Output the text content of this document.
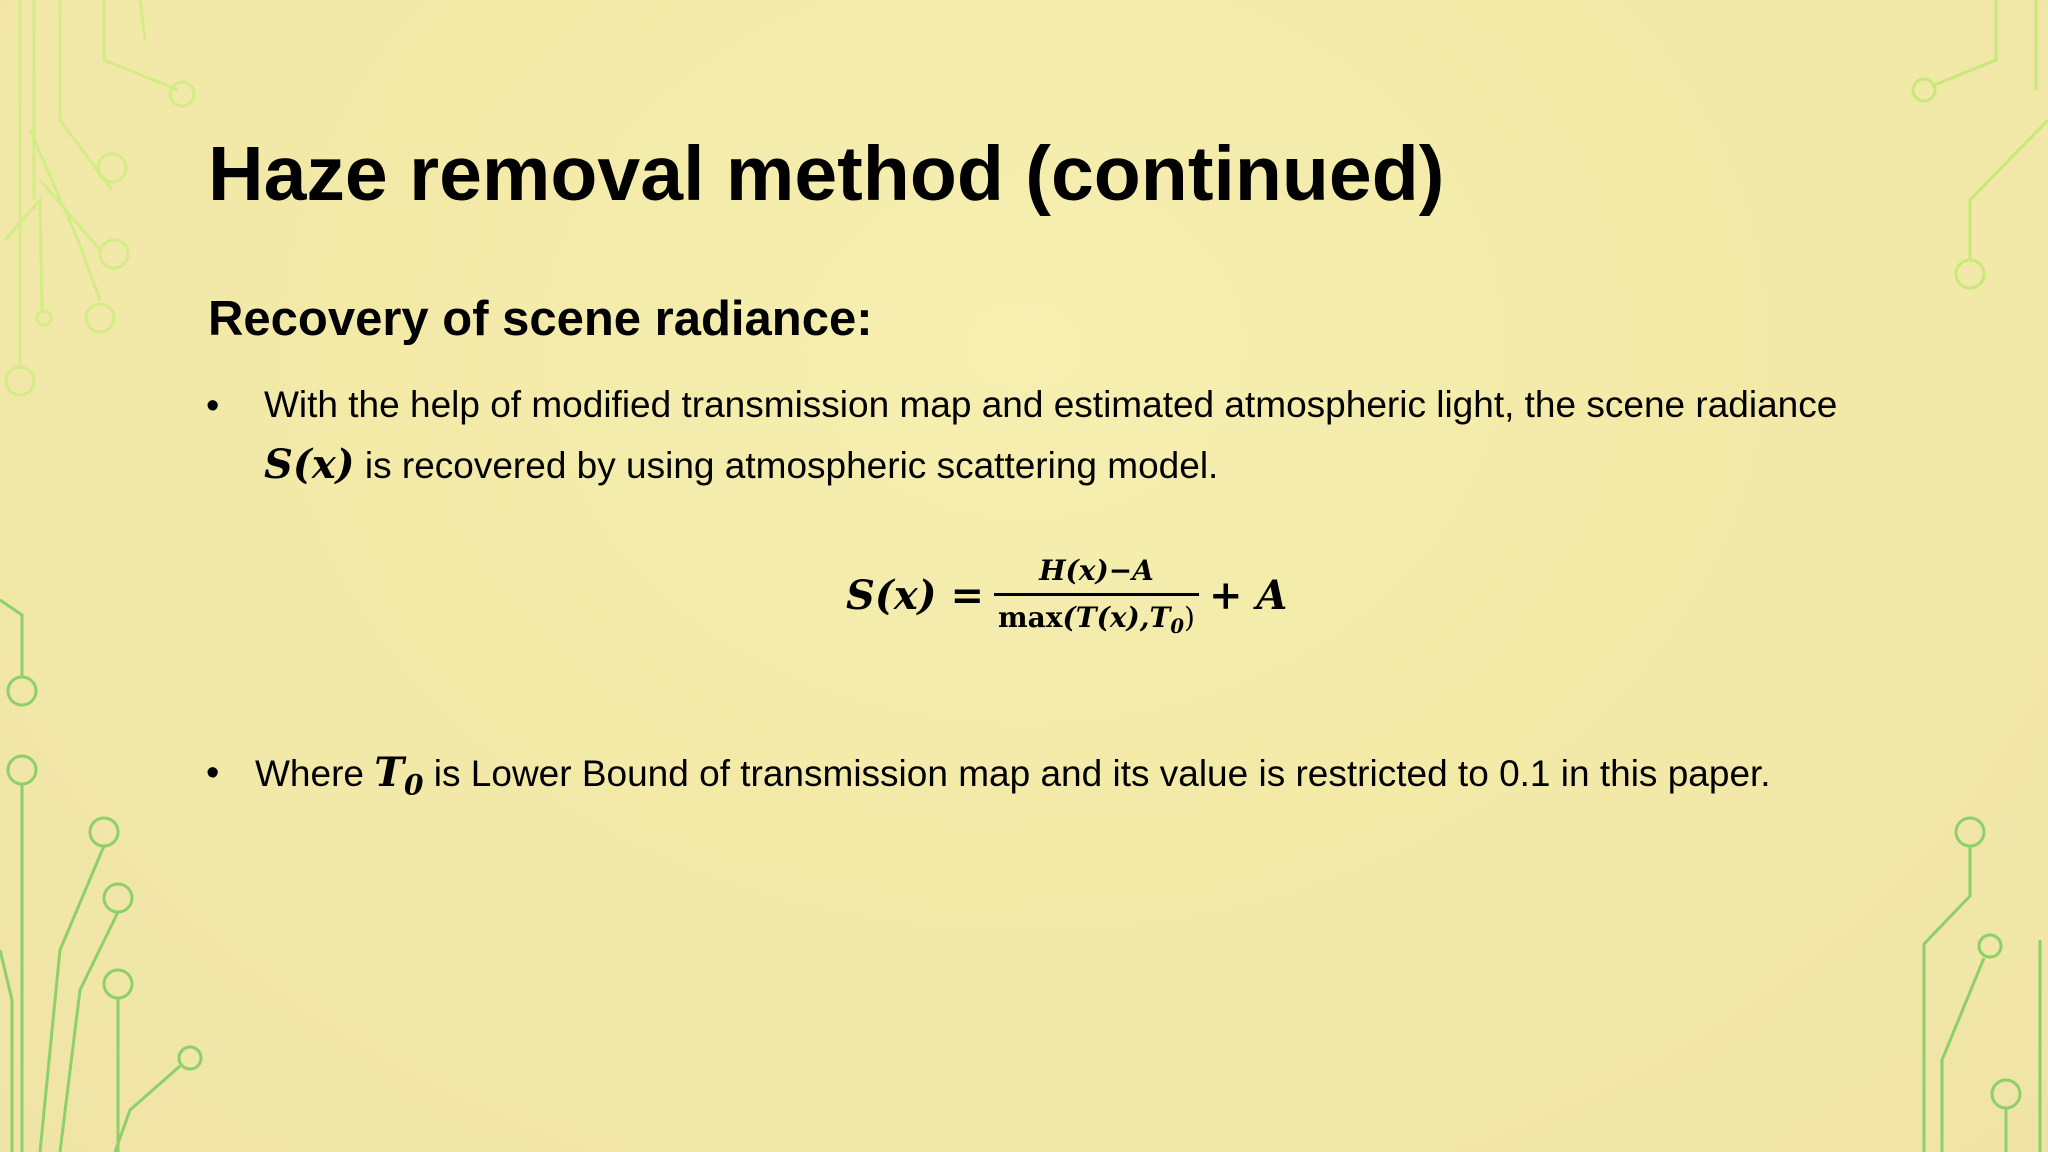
Haze removal method (continued)
Recovery of scene radiance:
• With the help of modified transmission map and estimated atmospheric light, the scene radiance
S(x) is recovered by using atmospheric scattering model.
$S(x) = \frac{H(x)-A}{\max(T(x),T_0)} + A$
• Where $T_0$ is Lower Bound of transmission map and its value is restricted to 0.1 in this paper.
